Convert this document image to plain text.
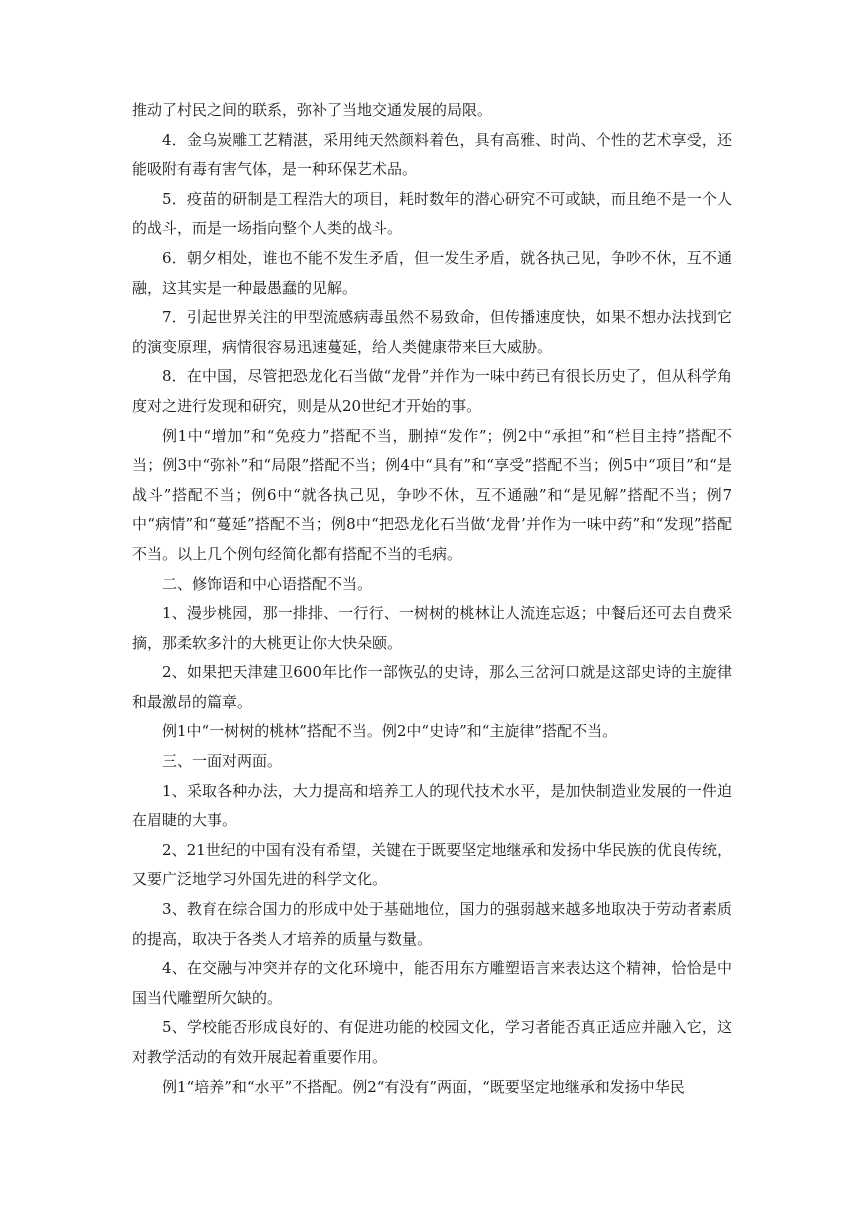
推动了村民之间的联系，弥补了当地交通发展的局限。

4．金乌炭雕工艺精湛，采用纯天然颜料着色，具有高雅、时尚、个性的艺术享受，还能吸附有毒有害气体，是一种环保艺术品。

5．疫苗的研制是工程浩大的项目，耗时数年的潜心研究不可或缺，而且绝不是一个人的战斗，而是一场指向整个人类的战斗。

6．朝夕相处，谁也不能不发生矛盾，但一发生矛盾，就各执己见，争吵不休，互不通融，这其实是一种最愚蠢的见解。

7．引起世界关注的甲型流感病毒虽然不易致命，但传播速度快，如果不想办法找到它的演变原理，病情很容易迅速蔓延，给人类健康带来巨大威胁。

8．在中国，尽管把恐龙化石当做“龙骨”并作为一味中药已有很长历史了，但从科学角度对之进行发现和研究，则是从20世纪才开始的事。

例1中“增加”和“免疫力”搭配不当，删掉“发作”；例2中“承担”和“栏目主持”搭配不当；例3中“弥补”和“局限”搭配不当；例4中“具有”和“享受”搭配不当；例5中“项目”和“是战斗”搭配不当；例6中“就各执己见，争吵不休，互不通融”和“是见解”搭配不当；例7中“病情”和“蔓延”搭配不当；例8中“把恐龙化石当做‘龙骨’并作为一味中药”和“发现”搭配不当。以上几个例句经简化都有搭配不当的毛病。

二、修饰语和中心语搭配不当。

1、漫步桃园，那一排排、一行行、一树树的桃林让人流连忘返；中餐后还可去自费采摘，那柔软多汁的大桃更让你大快朵颐。

2、如果把天津建卫600年比作一部恢弘的史诗，那么三岔河口就是这部史诗的主旋律和最激昂的篇章。

例1中“一树树的桃林”搭配不当。例2中“史诗”和“主旋律”搭配不当。

三、一面对两面。

1、采取各种办法，大力提高和培养工人的现代技术水平，是加快制造业发展的一件迫在眉睫的大事。

2、21世纪的中国有没有希望，关键在于既要坚定地继承和发扬中华民族的优良传统，又要广泛地学习外国先进的科学文化。

3、教育在综合国力的形成中处于基础地位，国力的强弱越来越多地取决于劳动者素质的提高，取决于各类人才培养的质量与数量。

4、在交融与冲突并存的文化环境中，能否用东方雕塑语言来表达这个精神，恰恰是中国当代雕塑所欠缺的。

5、学校能否形成良好的、有促进功能的校园文化，学习者能否真正适应并融入它，这对教学活动的有效开展起着重要作用。

例1“培养”和“水平”不搭配。例2“有没有”两面，“既要坚定地继承和发扬中华民
